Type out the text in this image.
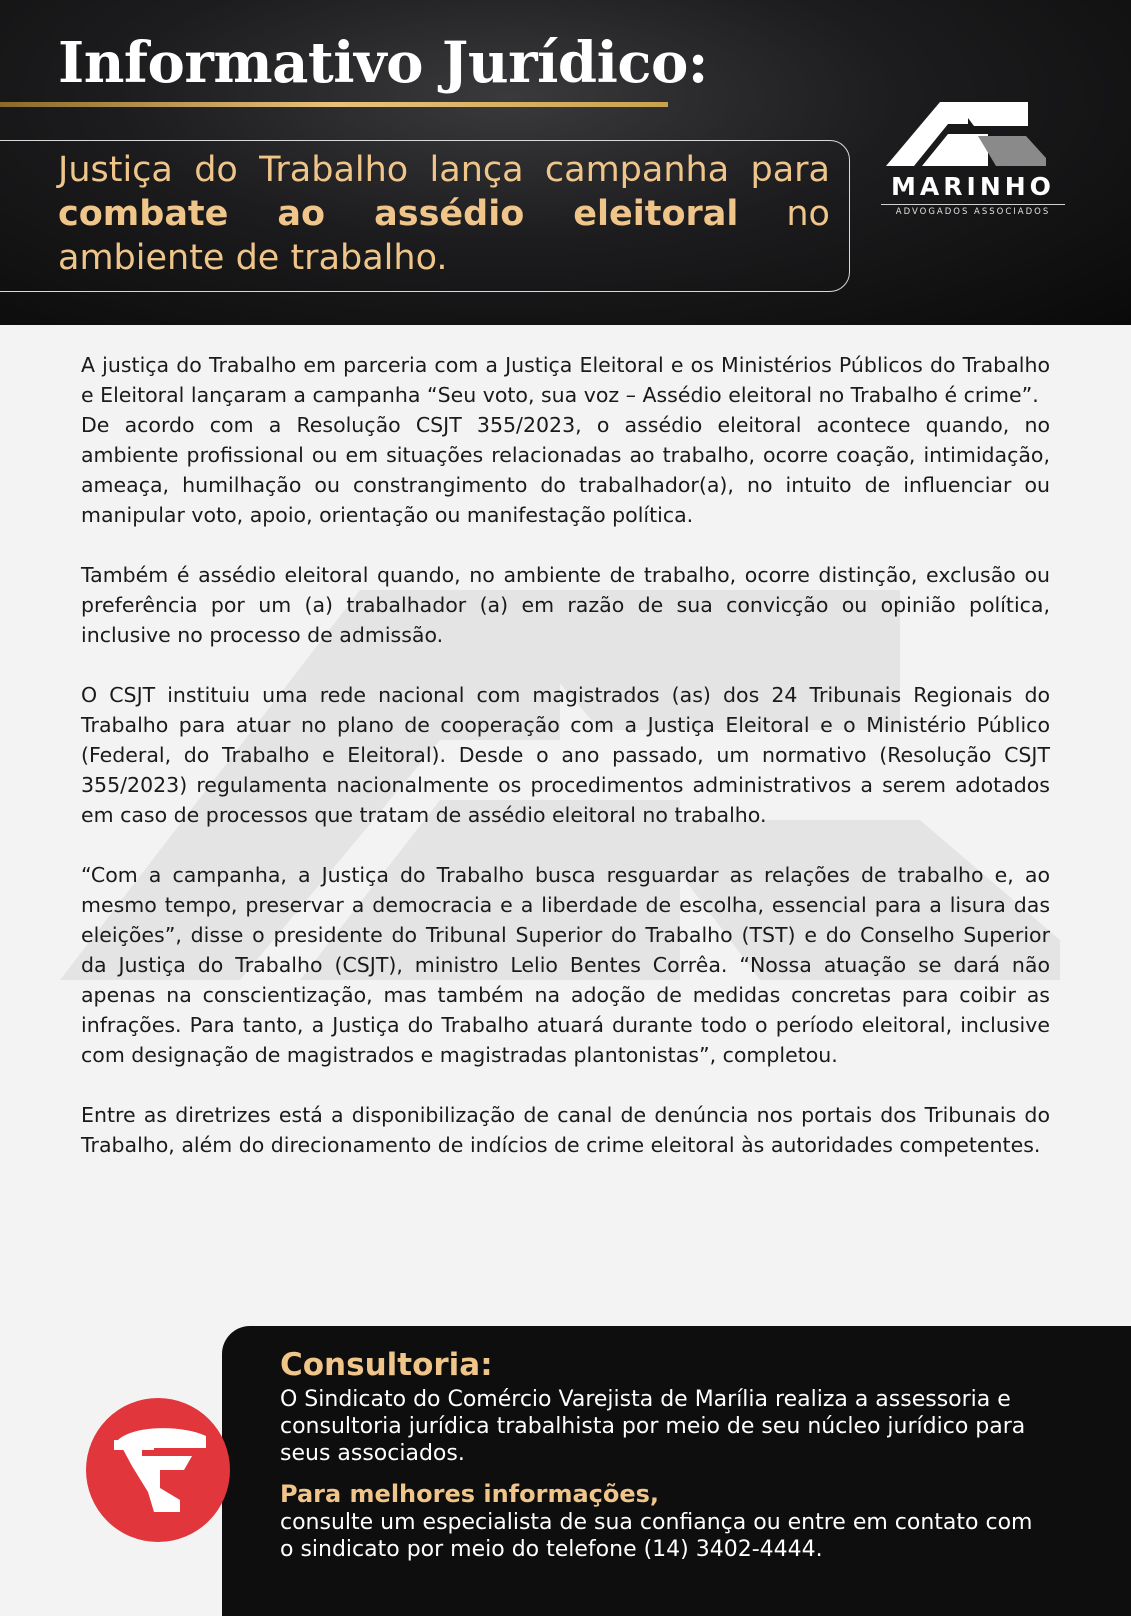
Informativo Jurídico:
Justiça do Trabalho lança campanha para combate ao assédio eleitoral no ambiente de trabalho.
MARINHO
ADVOGADOS ASSOCIADOS

A justiça do Trabalho em parceria com a Justiça Eleitoral e os Ministérios Públicos do Trabalho e Eleitoral lançaram a campanha “Seu voto, sua voz – Assédio eleitoral no Trabalho é crime”.

De acordo com a Resolução CSJT 355/2023, o assédio eleitoral acontece quando, no ambiente profissional ou em situações relacionadas ao trabalho, ocorre coação, intimidação, ameaça, humilhação ou constrangimento do trabalhador(a), no intuito de influenciar ou manipular voto, apoio, orientação ou manifestação política.

Também é assédio eleitoral quando, no ambiente de trabalho, ocorre distinção, exclusão ou preferência por um (a) trabalhador (a) em razão de sua convicção ou opinião política, inclusive no processo de admissão.

O CSJT instituiu uma rede nacional com magistrados (as) dos 24 Tribunais Regionais do Trabalho para atuar no plano de cooperação com a Justiça Eleitoral e o Ministério Público (Federal, do Trabalho e Eleitoral). Desde o ano passado, um normativo (Resolução CSJT 355/2023) regulamenta nacionalmente os procedimentos administrativos a serem adotados em caso de processos que tratam de assédio eleitoral no trabalho.

“Com a campanha, a Justiça do Trabalho busca resguardar as relações de trabalho e, ao mesmo tempo, preservar a democracia e a liberdade de escolha, essencial para a lisura das eleições”, disse o presidente do Tribunal Superior do Trabalho (TST) e do Conselho Superior da Justiça do Trabalho (CSJT), ministro Lelio Bentes Corrêa. “Nossa atuação se dará não apenas na conscientização, mas também na adoção de medidas concretas para coibir as infrações. Para tanto, a Justiça do Trabalho atuará durante todo o período eleitoral, inclusive com designação de magistrados e magistradas plantonistas”, completou.

Entre as diretrizes está a disponibilização de canal de denúncia nos portais dos Tribunais do Trabalho, além do direcionamento de indícios de crime eleitoral às autoridades competentes.

Consultoria:

O Sindicato do Comércio Varejista de Marília realiza a assessoria e consultoria jurídica trabalhista por meio de seu núcleo jurídico para seus associados.

Para melhores informações,

consulte um especialista de sua confiança ou entre em contato com o sindicato por meio do telefone (14) 3402-4444.
